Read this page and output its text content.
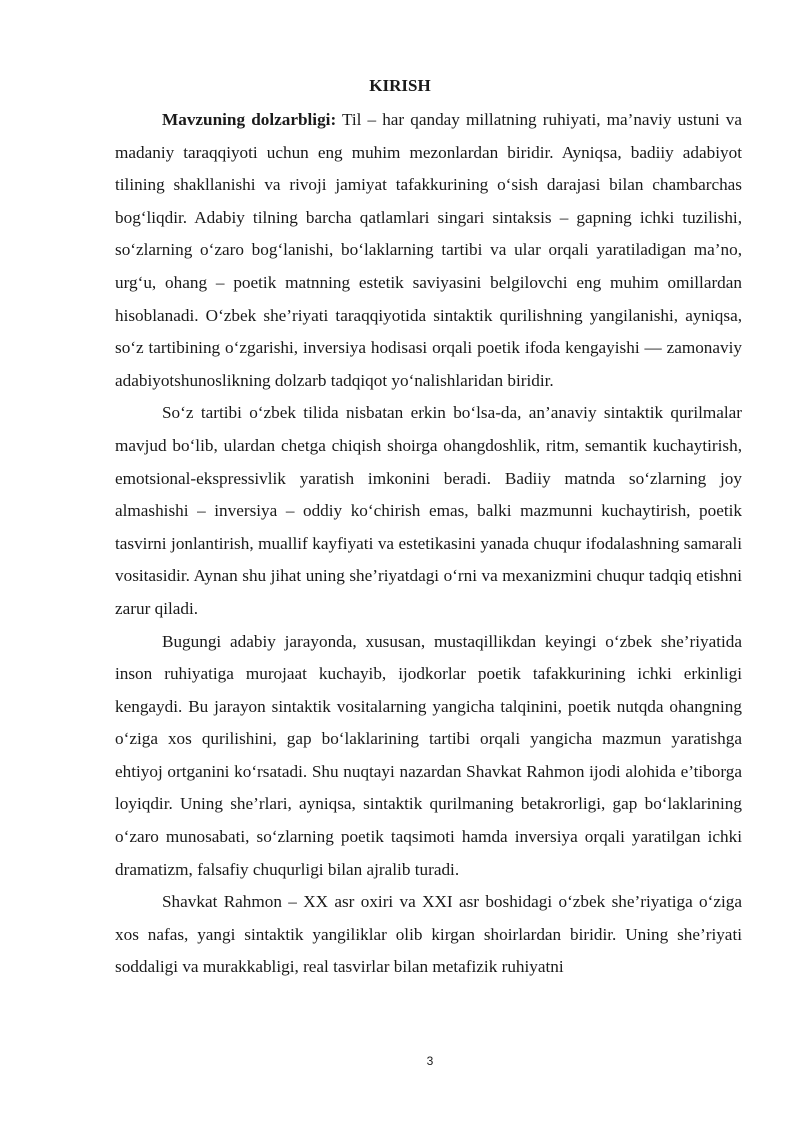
KIRISH

Mavzuning dolzarbligi: Til – har qanday millatning ruhiyati, ma’naviy ustuni va madaniy taraqqiyoti uchun eng muhim mezonlardan biridir. Ayniqsa, badiiy adabiyot tilining shakllanishi va rivoji jamiyat tafakkurining o‘sish darajasi bilan chambarchas bog‘liqdir. Adabiy tilning barcha qatlamlari singari sintaksis – gapning ichki tuzilishi, so‘zlarning o‘zaro bog‘lanishi, bo‘laklarning tartibi va ular orqali yaratiladigan ma’no, urg‘u, ohang – poetik matnning estetik saviyasini belgilovchi eng muhim omillardan hisoblanadi. O‘zbek she’riyati taraqqiyotida sintaktik qurilishning yangilanishi, ayniqsa, so‘z tartibining o‘zgarishi, inversiya hodisasi orqali poetik ifoda kengayishi — zamonaviy adabiyotshunoslikning dolzarb tadqiqot yo‘nalishlaridan biridir.

So‘z tartibi o‘zbek tilida nisbatan erkin bo‘lsa-da, an’anaviy sintaktik qurilmalar mavjud bo‘lib, ulardan chetga chiqish shoirga ohangdoshlik, ritm, semantik kuchaytirish, emotsional-ekspressivlik yaratish imkonini beradi. Badiiy matnda so‘zlarning joy almashishi – inversiya – oddiy ko‘chirish emas, balki mazmunni kuchaytirish, poetik tasvirni jonlantirish, muallif kayfiyati va estetikasini yanada chuqur ifodalashning samarali vositasidir. Aynan shu jihat uning she’riyatdagi o‘rni va mexanizmini chuqur tadqiq etishni zarur qiladi.

Bugungi adabiy jarayonda, xususan, mustaqillikdan keyingi o‘zbek she’riyatida inson ruhiyatiga murojaat kuchayib, ijodkorlar poetik tafakkurining ichki erkinligi kengaydi. Bu jarayon sintaktik vositalarning yangicha talqinini, poetik nutqda ohangning o‘ziga xos qurilishini, gap bo‘laklarining tartibi orqali yangicha mazmun yaratishga ehtiyoj ortganini ko‘rsatadi. Shu nuqtayi nazardan Shavkat Rahmon ijodi alohida e’tiborga loyiqdir. Uning she’rlari, ayniqsa, sintaktik qurilmaning betakrorligi, gap bo‘laklarining o‘zaro munosabati, so‘zlarning poetik taqsimoti hamda inversiya orqali yaratilgan ichki dramatizm, falsafiy chuqurligi bilan ajralib turadi.

Shavkat Rahmon – XX asr oxiri va XXI asr boshidagi o‘zbek she’riyatiga o‘ziga xos nafas, yangi sintaktik yangiliklar olib kirgan shoirlardan biridir. Uning she’riyati soddaligi va murakkabligi, real tasvirlar bilan metafizik ruhiyatni

3
